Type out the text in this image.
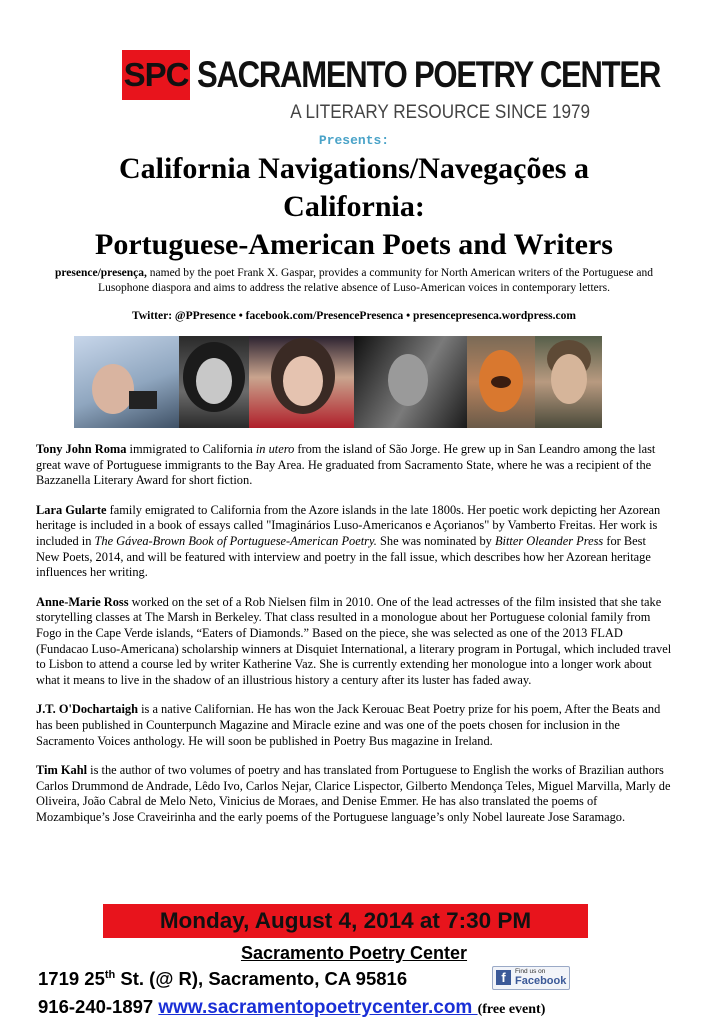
SPC SACRAMENTO POETRY CENTER
A LITERARY RESOURCE SINCE 1979
Presents:
California Navigations/Navegações a
California:
Portuguese-American Poets and Writers
presence/presença, named by the poet Frank X. Gaspar, provides a community for North American writers of the Portuguese and Lusophone diaspora and aims to address the relative absence of Luso-American voices in contemporary letters.
Twitter: @PPresence • facebook.com/PresencePresenca • presencepresenca.wordpress.com

Tony John Roma immigrated to California in utero from the island of São Jorge. He grew up in San Leandro among the last great wave of Portuguese immigrants to the Bay Area. He graduated from Sacramento State, where he was a recipient of the Bazzanella Literary Award for short fiction.

Lara Gularte family emigrated to California from the Azore islands in the late 1800s. Her poetic work depicting her Azorean heritage is included in a book of essays called "Imaginários Luso-Americanos e Açorianos" by Vamberto Freitas. Her work is included in The Gávea-Brown Book of Portuguese-American Poetry. She was nominated by Bitter Oleander Press for Best New Poets, 2014, and will be featured with interview and poetry in the fall issue, which describes how her Azorean heritage influences her writing.

Anne-Marie Ross worked on the set of a Rob Nielsen film in 2010. One of the lead actresses of the film insisted that she take storytelling classes at The Marsh in Berkeley. That class resulted in a monologue about her Portuguese colonial family from Fogo in the Cape Verde islands, “Eaters of Diamonds.” Based on the piece, she was selected as one of the 2013 FLAD (Fundacao Luso-Americana) scholarship winners at Disquiet International, a literary program in Portugal, which included travel to Lisbon to attend a course led by writer Katherine Vaz. She is currently extending her monologue into a longer work about what it means to live in the shadow of an illustrious history a century after its luster has faded away.

J.T. O'Dochartaigh is a native Californian. He has won the Jack Kerouac Beat Poetry prize for his poem, After the Beats and has been published in Counterpunch Magazine and Miracle ezine and was one of the poets chosen for inclusion in the Sacramento Voices anthology. He will soon be published in Poetry Bus magazine in Ireland.

Tim Kahl is the author of two volumes of poetry and has translated from Portuguese to English the works of Brazilian authors Carlos Drummond de Andrade, Lêdo Ivo, Carlos Nejar, Clarice Lispector, Gilberto Mendonça Teles, Miguel Marvilla, Marly de Oliveira, João Cabral de Melo Neto, Vinicius de Moraes, and Denise Emmer. He has also translated the poems of Mozambique’s Jose Craveirinha and the early poems of the Portuguese language’s only Nobel laureate Jose Saramago.

Monday, August 4, 2014 at 7:30 PM
Sacramento Poetry Center
1719 25th St. (@ R), Sacramento, CA 95816	f	Find us on
Facebook
916-240-1897 www.sacramentopoetrycenter.com (free event)
